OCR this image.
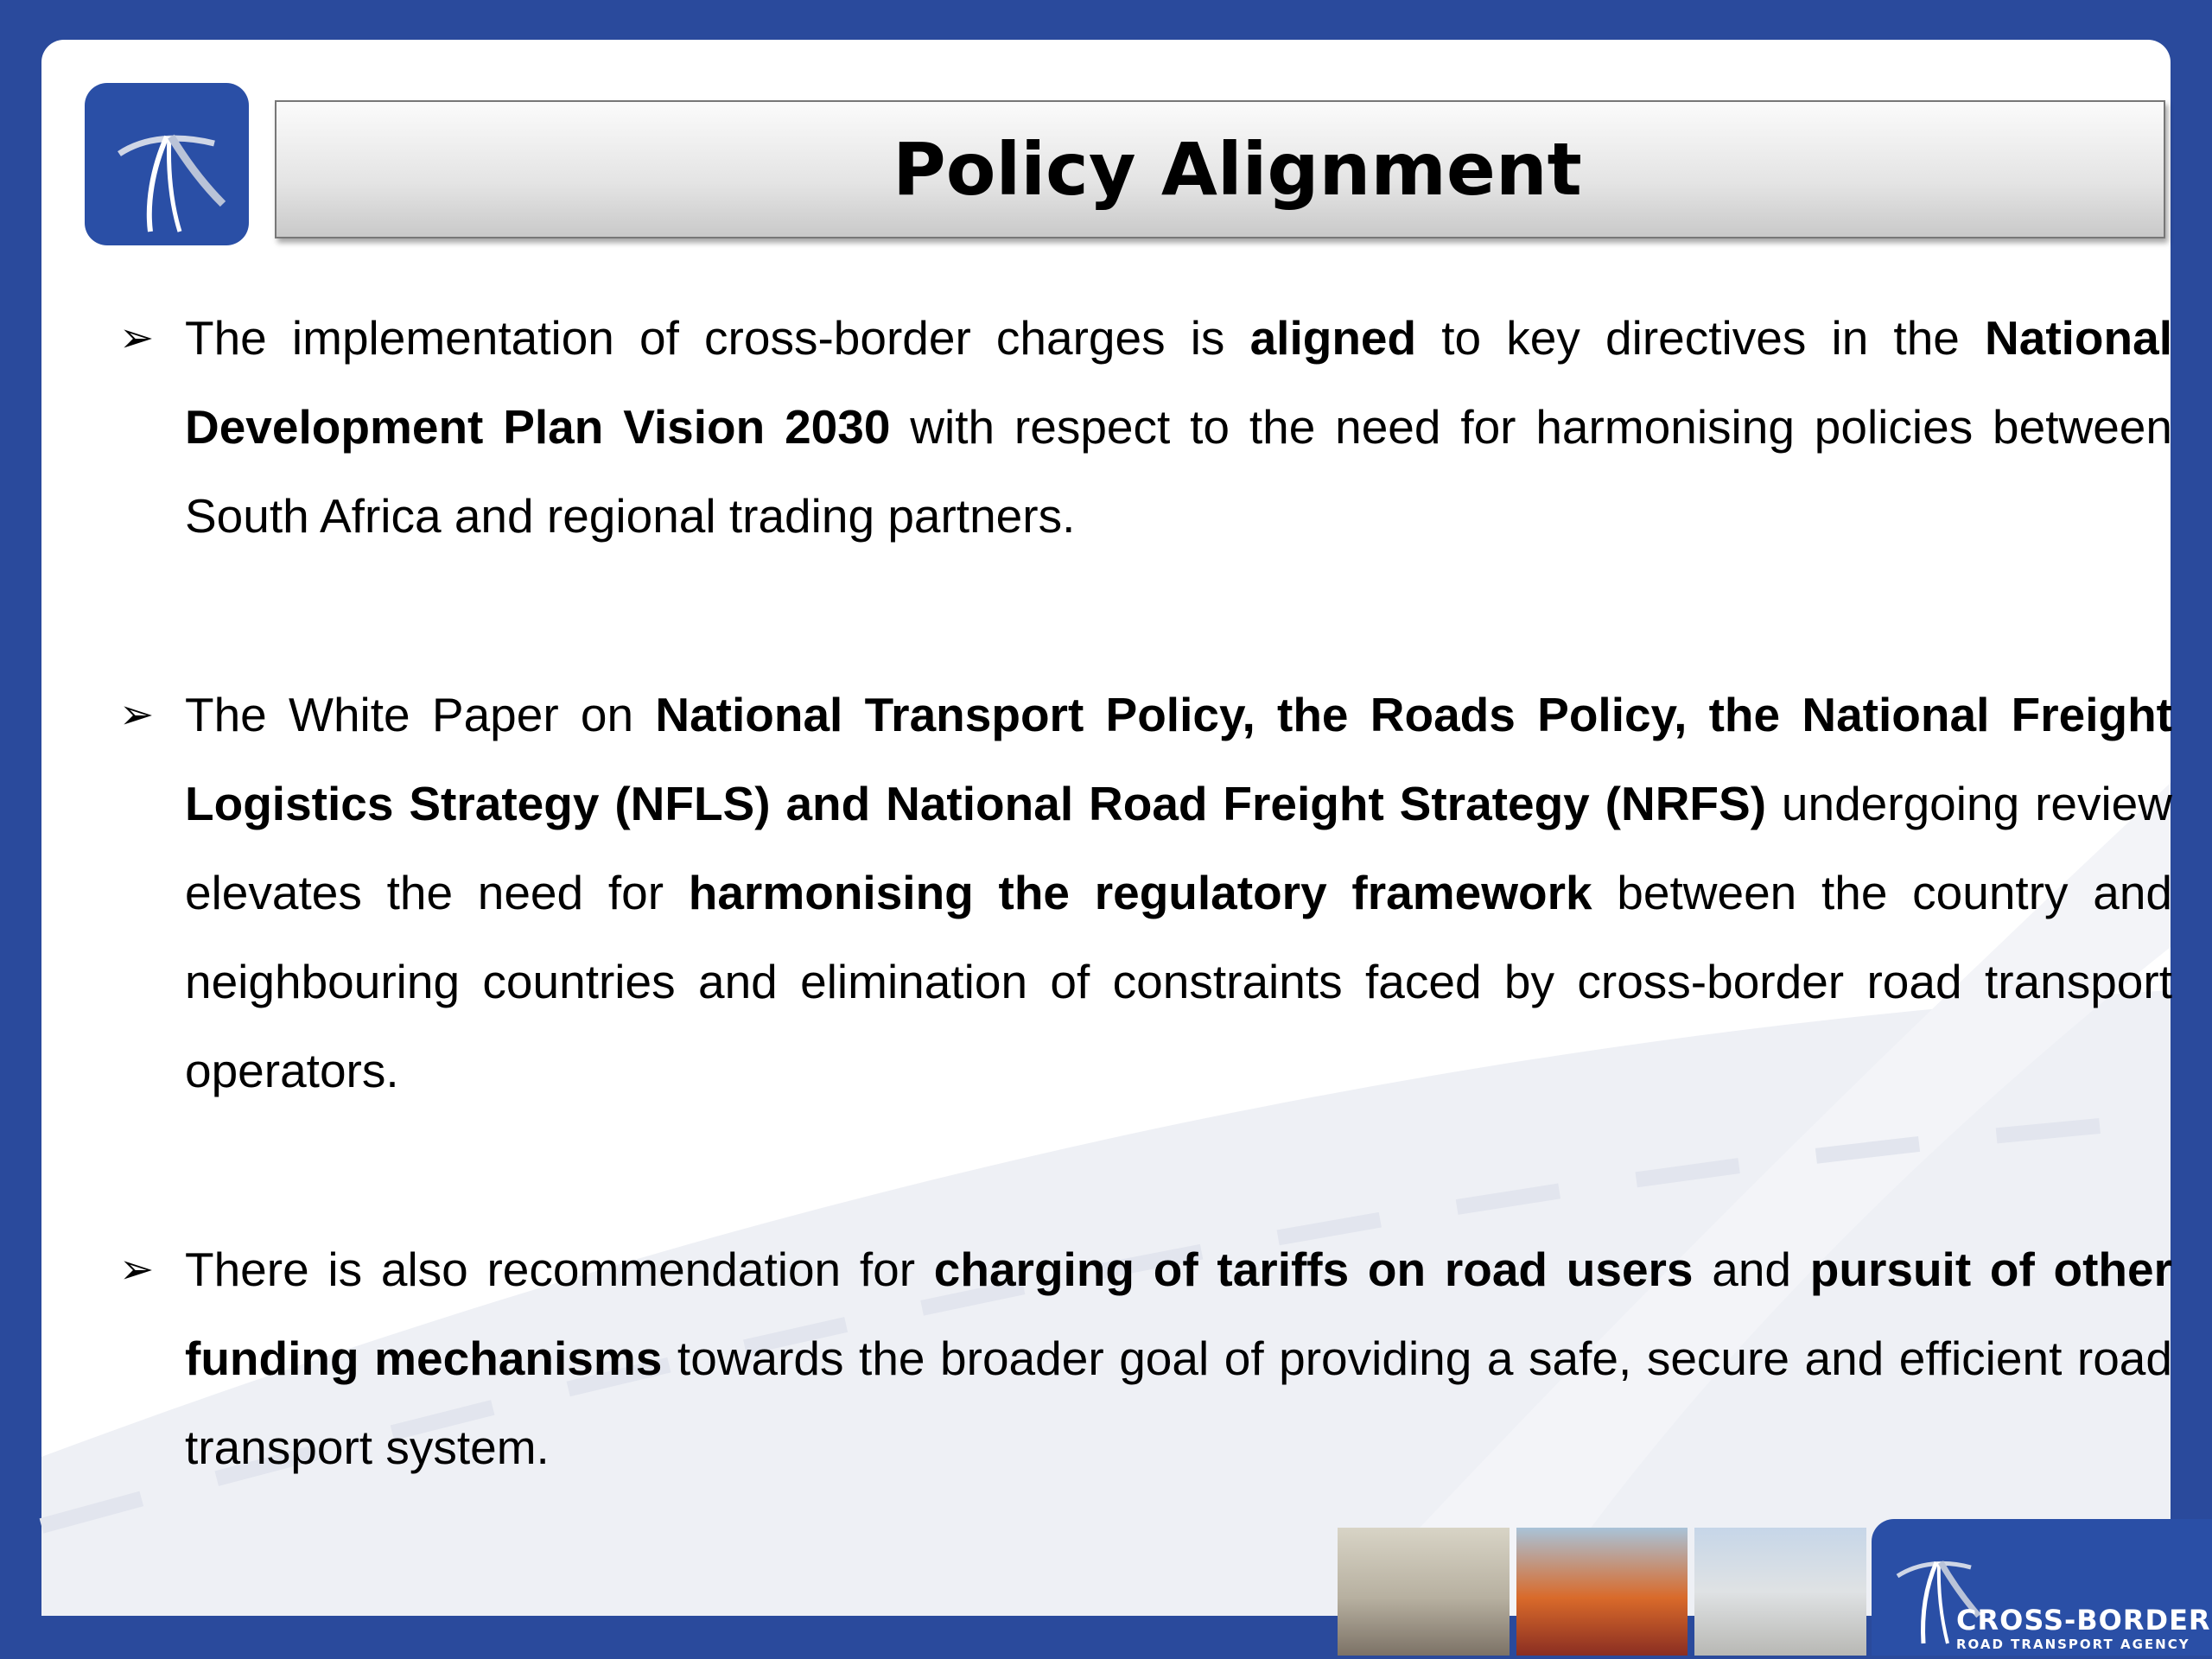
Policy Alignment
➢ The implementation of cross-border charges is aligned to key directives in the National Development Plan Vision 2030 with respect to the need for harmonising policies between South Africa and regional trading partners.
➢ The White Paper on National Transport Policy, the Roads Policy, the National Freight Logistics Strategy (NFLS) and National Road Freight Strategy (NRFS) undergoing review elevates the need for harmonising the regulatory framework between the country and neighbouring countries and elimination of constraints faced by cross-border road transport operators.
➢ There is also recommendation for charging of tariffs on road users and pursuit of other funding mechanisms towards the broader goal of providing a safe, secure and efficient road transport system.
CROSS-BORDER
ROAD TRANSPORT AGENCY
